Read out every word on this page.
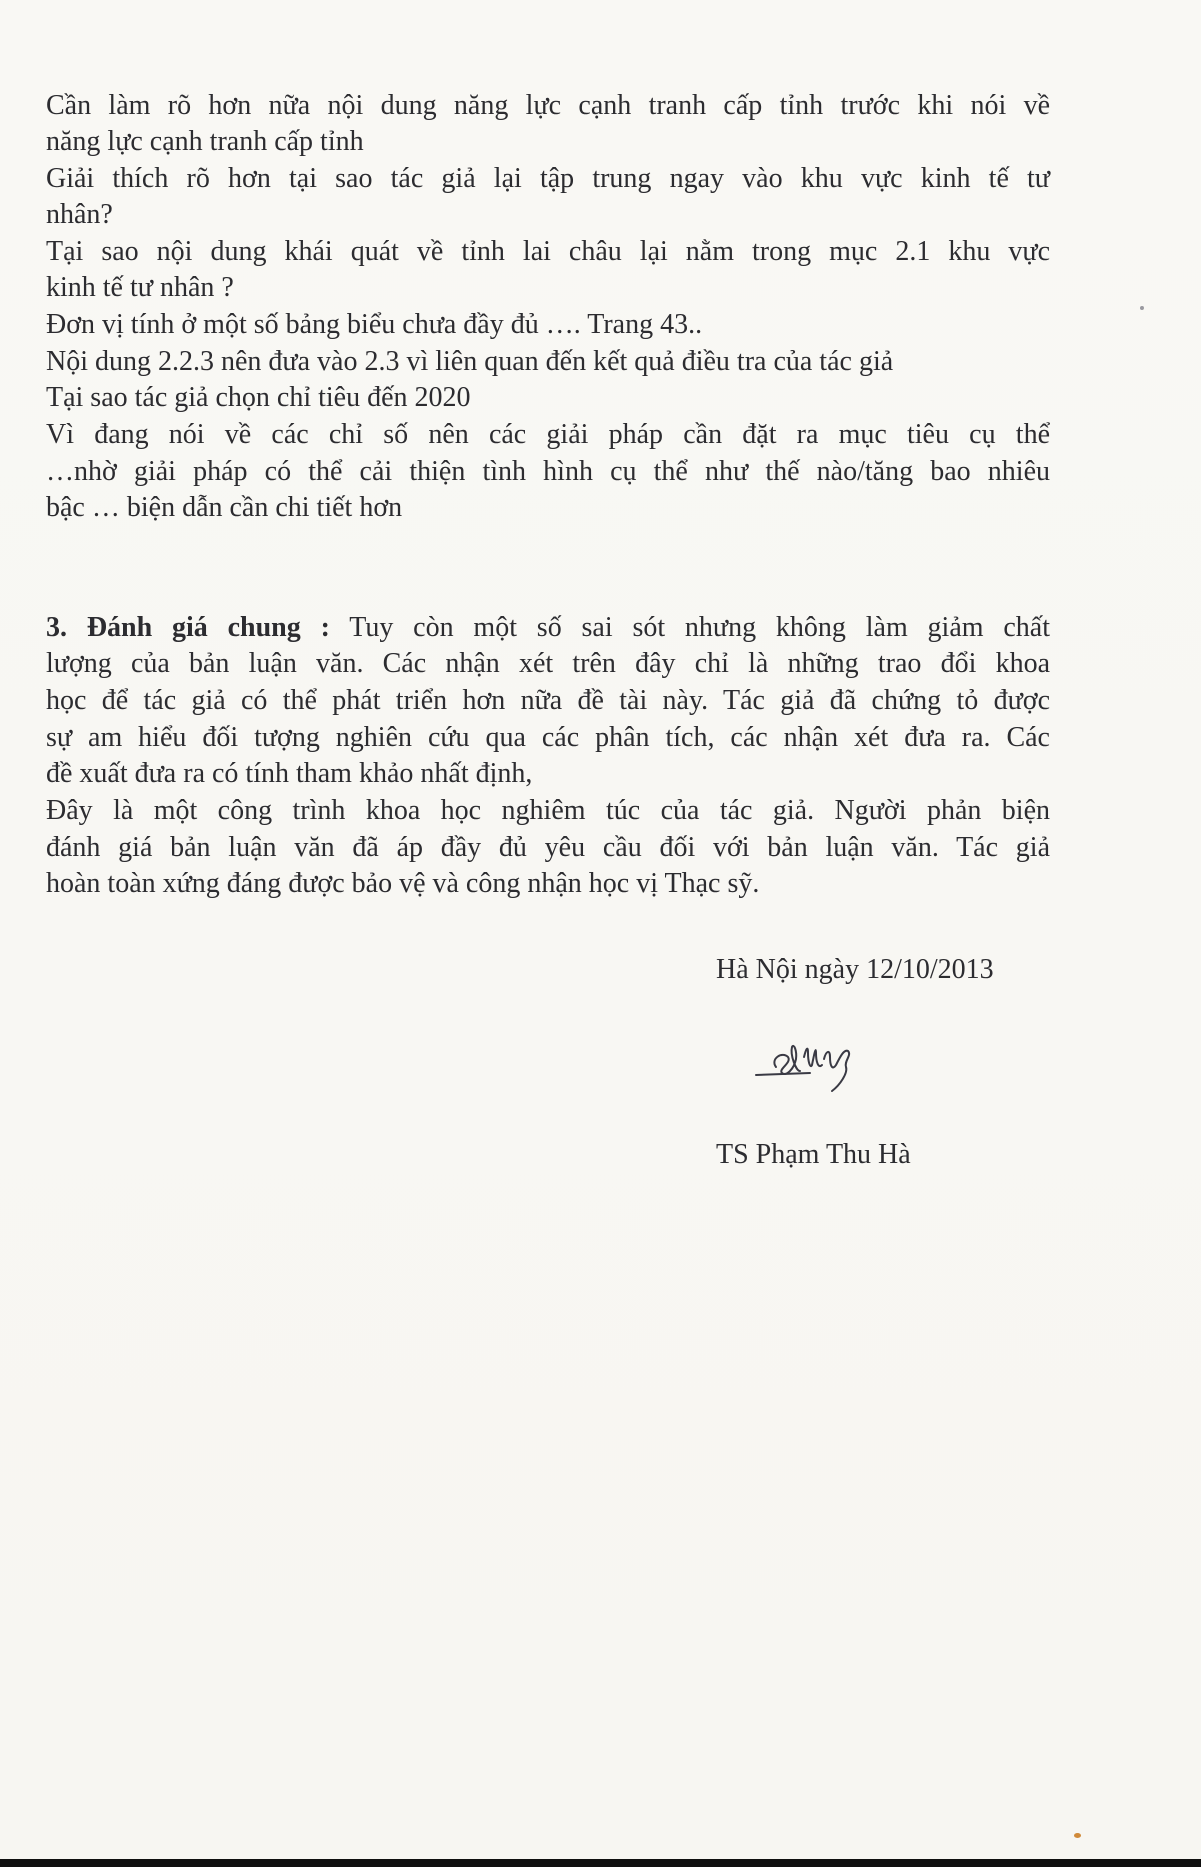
Cần làm rõ hơn nữa nội dung năng lực cạnh tranh cấp tỉnh trước khi nói về
năng lực cạnh tranh cấp tỉnh
Giải thích rõ hơn tại sao tác giả lại tập trung ngay vào khu vực kinh tế tư
nhân?
Tại sao nội dung khái quát về tỉnh lai châu lại nằm trong mục 2.1 khu vực
kinh tế tư nhân ?
Đơn vị tính ở một số bảng biểu chưa đầy đủ …. Trang 43..
Nội dung 2.2.3 nên đưa vào 2.3 vì liên quan đến kết quả điều tra của tác giả
Tại sao tác giả chọn chỉ tiêu đến 2020
Vì đang nói về các chỉ số nên các giải pháp cần đặt ra mục tiêu cụ thể
…nhờ giải pháp có thể cải thiện tình hình cụ thể như thế nào/tăng bao nhiêu
bậc … biện dẫn cần chi tiết hơn
3. Đánh giá chung : Tuy còn một số sai sót nhưng không làm giảm chất
lượng của bản luận văn. Các nhận xét trên đây chỉ là những trao đổi khoa
học để tác giả có thể phát triển hơn nữa đề tài này. Tác giả đã chứng tỏ được
sự am hiểu đối tượng nghiên cứu qua các phân tích, các nhận xét đưa ra. Các
đề xuất đưa ra có tính tham khảo nhất định,
Đây là một công trình khoa học nghiêm túc của tác giả. Người phản biện
đánh giá bản luận văn đã áp đầy đủ yêu cầu đối với bản luận văn. Tác giả
hoàn toàn xứng đáng được bảo vệ và công nhận học vị Thạc sỹ.
Hà Nội ngày 12/10/2013
TS Phạm Thu Hà
